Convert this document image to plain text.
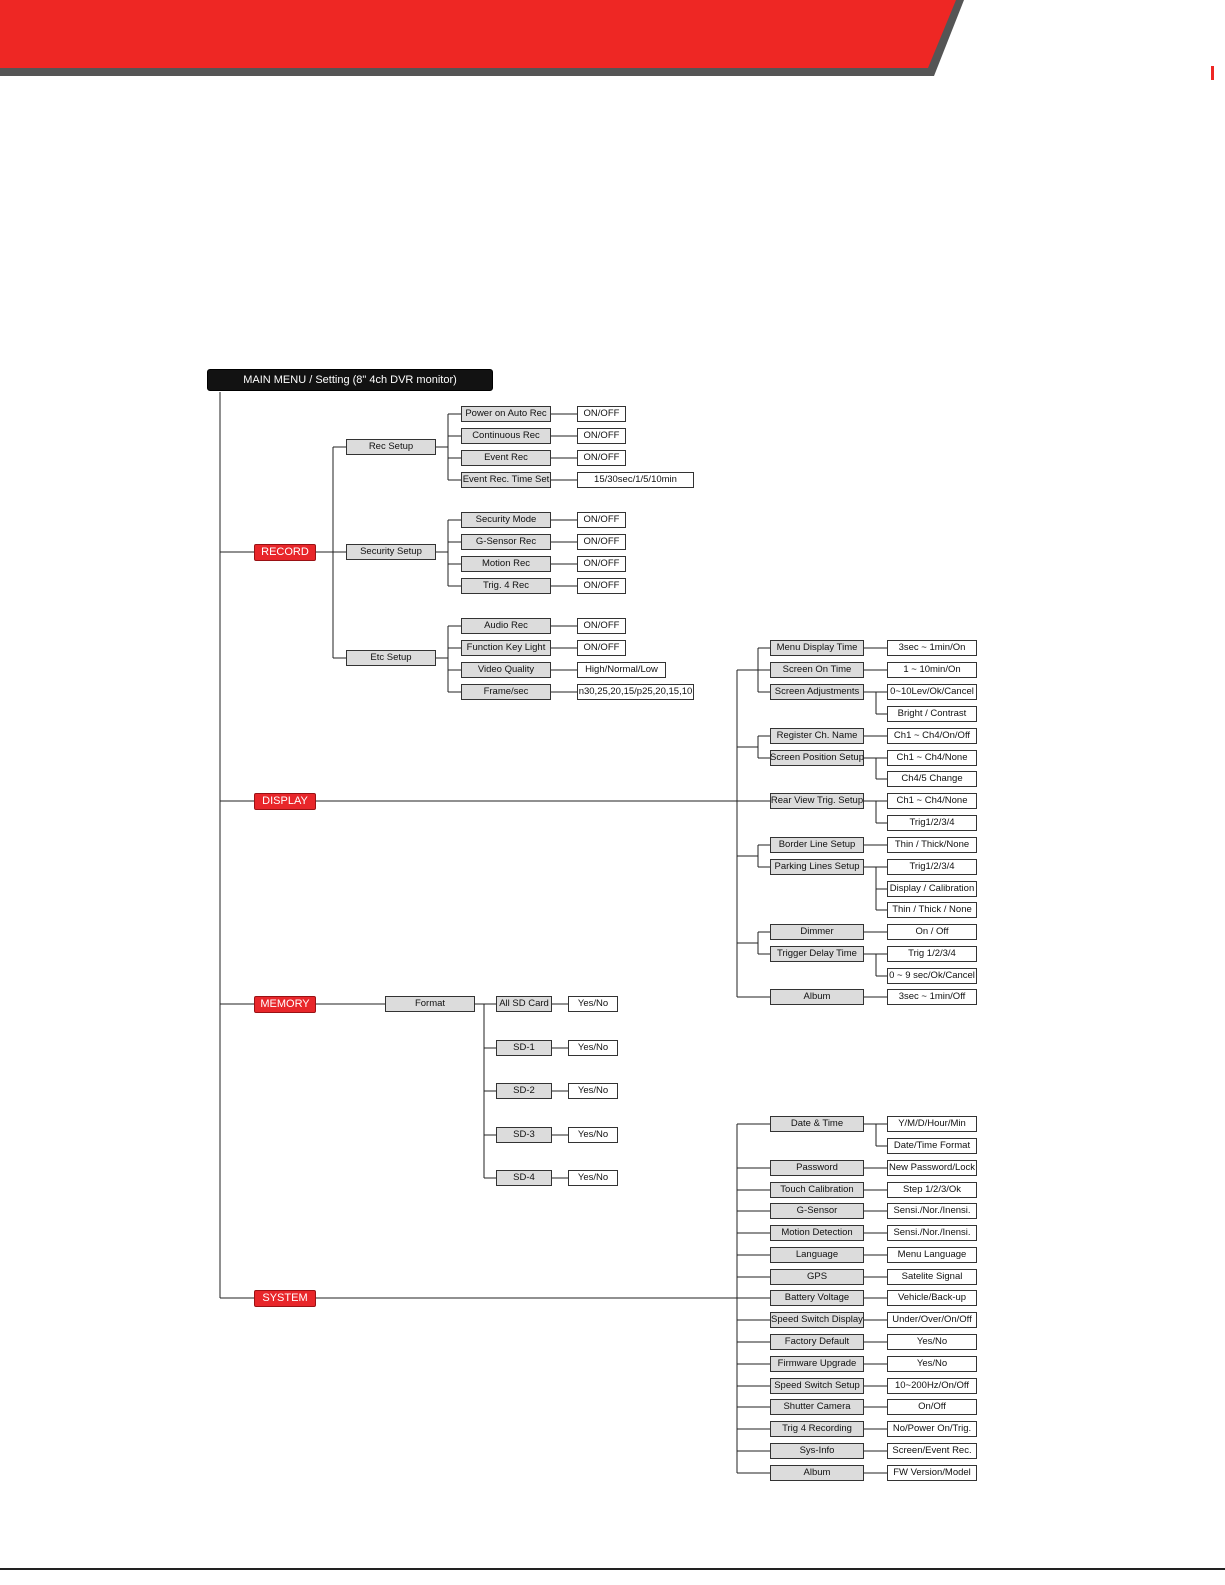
MAIN MENU / Setting (8" 4ch DVR monitor)
RECORD
DISPLAY
MEMORY
SYSTEM
Rec Setup
Power on Auto Rec	ON/OFF
Continuous Rec	ON/OFF
Event Rec	ON/OFF
Event Rec. Time Set	15/30sec/1/5/10min
Security Setup
Security Mode	ON/OFF
G-Sensor Rec	ON/OFF
Motion Rec	ON/OFF
Trig. 4 Rec	ON/OFF
Etc Setup
Audio Rec	ON/OFF
Function Key Light	ON/OFF
Video Quality	High/Normal/Low
Frame/sec	n30,25,20,15/p25,20,15,10
Menu Display Time	3sec ~ 1min/On
Screen On Time	1 ~ 10min/On
Screen Adjustments	0~10Lev/Ok/Cancel
Bright / Contrast
Register Ch. Name	Ch1 ~ Ch4/On/Off
Screen Position Setup	Ch1 ~ Ch4/None
Ch4/5 Change
Rear View Trig. Setup	Ch1 ~ Ch4/None
Trig1/2/3/4
Border Line Setup	Thin / Thick/None
Parking Lines Setup	Trig1/2/3/4
Display / Calibration
Thin / Thick / None
Dimmer	On / Off
Trigger Delay Time	Trig 1/2/3/4
0 ~ 9 sec/Ok/Cancel
Album	3sec ~ 1min/Off
Format	All SD Card	Yes/No
SD-1	Yes/No
SD-2	Yes/No
SD-3	Yes/No
SD-4	Yes/No
Date & Time	Y/M/D/Hour/Min
Date/Time Format
Password	New Password/Lock
Touch Calibration	Step 1/2/3/Ok
G-Sensor	Sensi./Nor./Inensi.
Motion Detection	Sensi./Nor./Inensi.
Language	Menu Language
GPS	Satelite Signal
Battery Voltage	Vehicle/Back-up
Speed Switch Display	Under/Over/On/Off
Factory Default	Yes/No
Firmware Upgrade	Yes/No
Speed Switch Setup	10~200Hz/On/Off
Shutter Camera	On/Off
Trig 4 Recording	No/Power On/Trig.
Sys-Info	Screen/Event Rec.
Album	FW Version/Model
